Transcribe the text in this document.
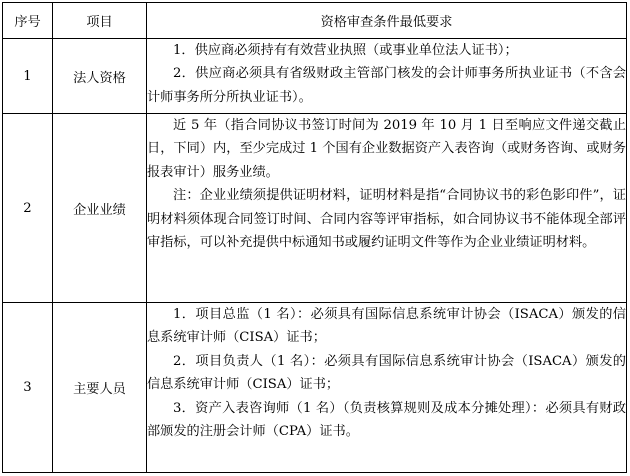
序号	项目	资格审查条件最低要求
1	法人资格	1．供应商必须持有有效营业执照（或事业单位法人证书）；

2．供应商必须具有省级财政主管部门核发的会计师事务所执业证书（不含会计师事务所分所执业证书）。

2	企业业绩	近 5 年（指合同协议书签订时间为 2019 年 10 月 1 日至响应文件递交截止日，下同）内，至少完成过 1 个国有企业数据资产入表咨询（或财务咨询、或财务报表审计）服务业绩。

注：企业业绩须提供证明材料，证明材料是指“合同协议书的彩色影印件”，证明材料须体现合同签订时间、合同内容等评审指标，如合同协议书不能体现全部评审指标，可以补充提供中标通知书或履约证明文件等作为企业业绩证明材料。

3	主要人员	1．项目总监（1 名）：必须具有国际信息系统审计协会（ISACA）颁发的信息系统审计师（CISA）证书；

2．项目负责人（1 名）：必须具有国际信息系统审计协会（ISACA）颁发的信息系统审计师（CISA）证书；

3．资产入表咨询师（1 名）（负责核算规则及成本分摊处理）：必须具有财政部颁发的注册会计师（CPA）证书。
